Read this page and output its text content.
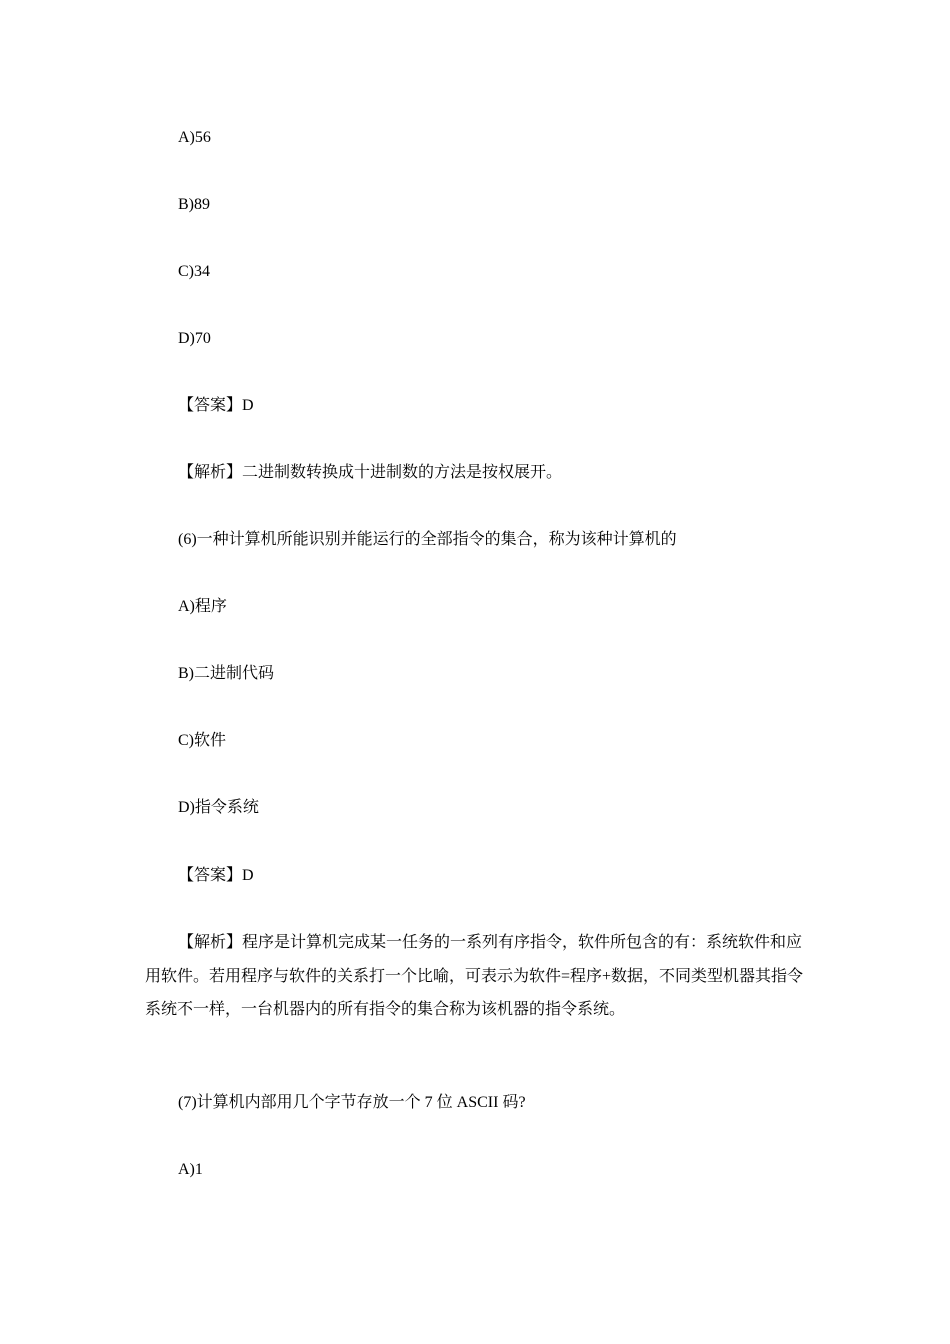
A)56

B)89

C)34

D)70

【答案】D

【解析】二进制数转换成十进制数的方法是按权展开。

(6)一种计算机所能识别并能运行的全部指令的集合，称为该种计算机的

A)程序

B)二进制代码

C)软件

D)指令系统

【答案】D

【解析】程序是计算机完成某一任务的一系列有序指令，软件所包含的有：系统软件和应用软件。若用程序与软件的关系打一个比喻，可表示为软件=程序+数据，不同类型机器其指令系统不一样，一台机器内的所有指令的集合称为该机器的指令系统。

(7)计算机内部用几个字节存放一个 7 位 ASCII 码?

A)1
